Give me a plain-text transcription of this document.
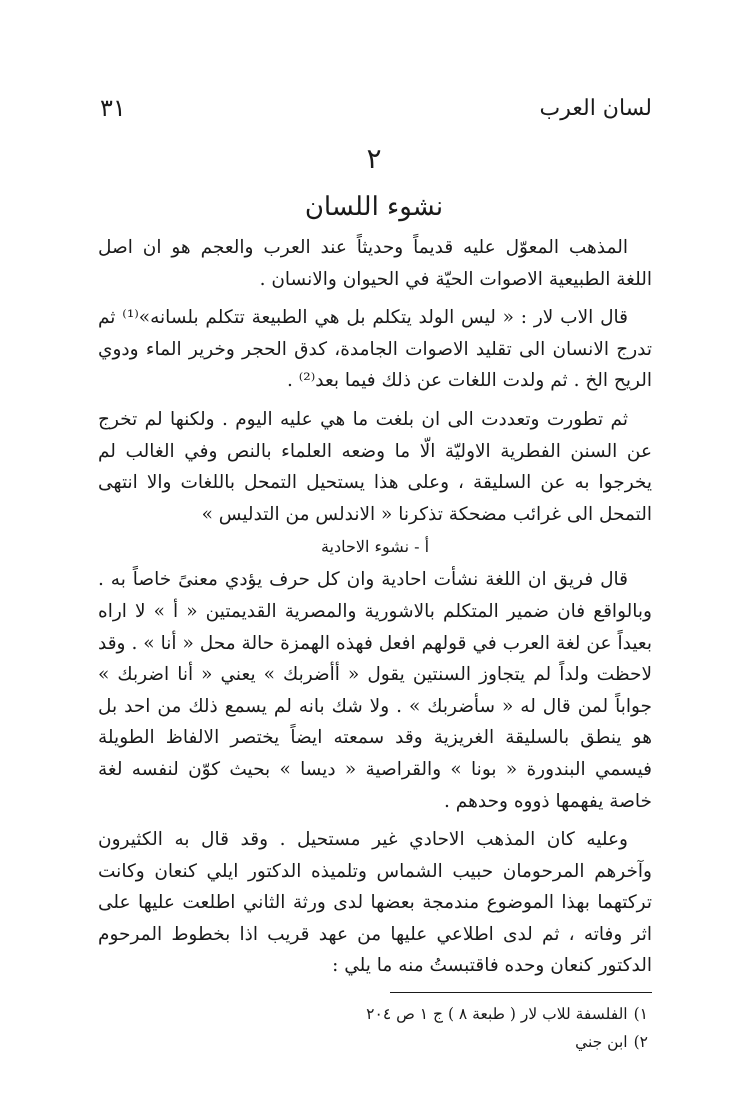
لسان العرب
٣١
٢
نشوء اللسان

المذهب المعوّل عليه قديماً وحديثاً عند العرب والعجم هو ان اصل اللغة الطبيعية الاصوات الحيّة في الحيوان والانسان .

قال الاب لار : « ليس الولد يتكلم بل هي الطبيعة تتكلم بلسانه»⁽¹⁾ ثم تدرج الانسان الى تقليد الاصوات الجامدة، كدق الحجر وخرير الماء ودوي الريح الخ . ثم ولدت اللغات عن ذلك فيما بعد⁽²⁾ .

ثم تطورت وتعددت الى ان بلغت ما هي عليه اليوم . ولكنها لم تخرج عن السنن الفطرية الاوليّة الّا ما وضعه العلماء بالنص وفي الغالب لم يخرجوا به عن السليقة ، وعلى هذا يستحيل التمحل باللغات والا انتهى التمحل الى غرائب مضحكة تذكرنا « الاندلس من التدليس »

أ - نشوء الاحادية

قال فريق ان اللغة نشأت احادية وان كل حرف يؤدي معنىً خاصاً به . وبالواقع فان ضمير المتكلم بالاشورية والمصرية القديمتين « أ » لا اراه بعيداً عن لغة العرب في قولهم افعل فهذه الهمزة حالة محل « أنا » . وقد لاحظت ولداً لم يتجاوز السنتين يقول « أأضربك » يعني « أنا اضربك » جواباً لمن قال له « سأضربك » . ولا شك بانه لم يسمع ذلك من احد بل هو ينطق بالسليقة الغريزية وقد سمعته ايضاً يختصر الالفاظ الطويلة فيسمي البندورة « بونا » والقراصية « ديسا » بحيث كوّن لنفسه لغة خاصة يفهمها ذووه وحدهم .

وعليه كان المذهب الاحادي غير مستحيل . وقد قال به الكثيرون وآخرهم المرحومان حبيب الشماس وتلميذه الدكتور ايلي كنعان وكانت تركتهما بهذا الموضوع مندمجة بعضها لدى ورثة الثاني اطلعت عليها على اثر وفاته ، ثم لدى اطلاعي عليها من عهد قريب اذا بخطوط المرحوم الدكتور كنعان وحده فاقتبستُ منه ما يلي :

١)
الفلسفة للاب لار ( طبعة ٨ ) ج ١ ص ٢٠٤
٢)
ابن جني
